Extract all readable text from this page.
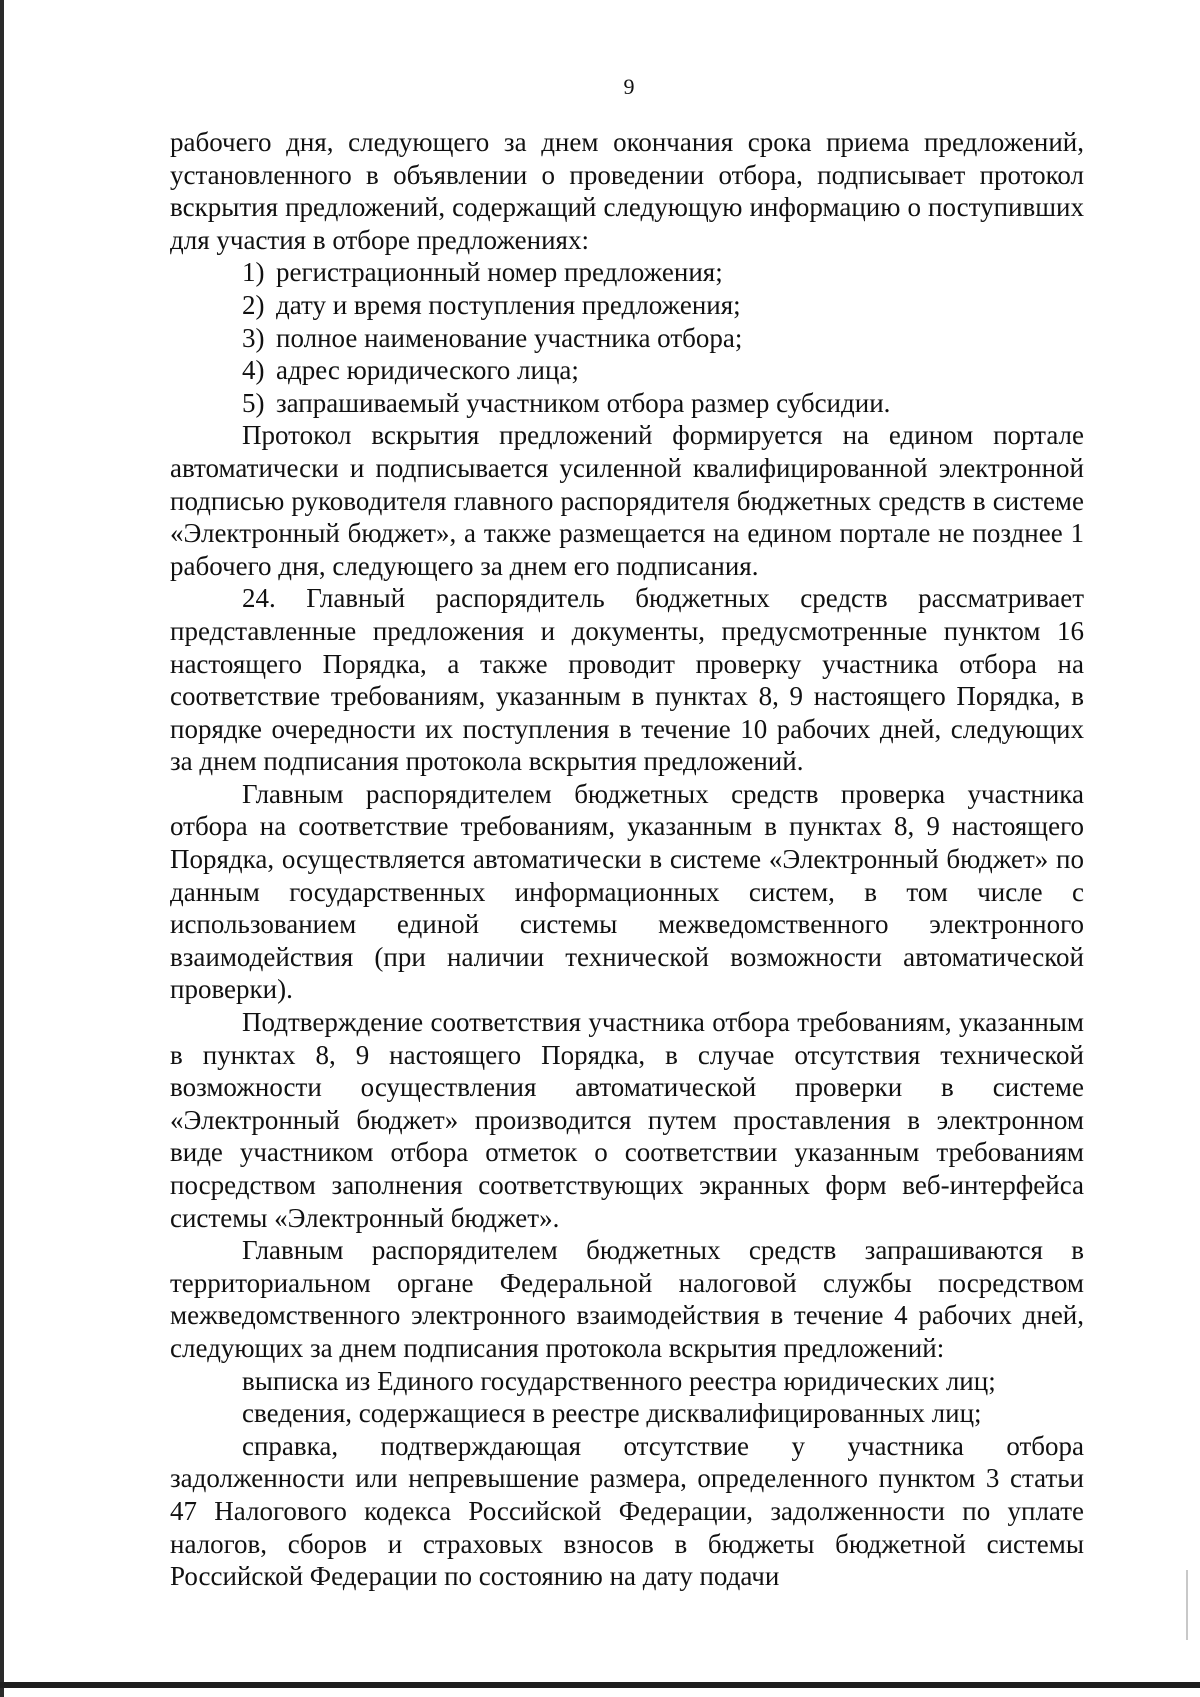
9

рабочего дня, следующего за днем окончания срока приема предложений, установленного в объявлении о проведении отбора, подписывает протокол вскрытия предложений, содержащий следующую информацию о поступивших для участия в отборе предложениях:

1) регистрационный номер предложения;

2) дату и время поступления предложения;

3) полное наименование участника отбора;

4) адрес юридического лица;

5) запрашиваемый участником отбора размер субсидии.

Протокол вскрытия предложений формируется на едином портале автоматически и подписывается усиленной квалифицированной электронной подписью руководителя главного распорядителя бюджетных средств в системе «Электронный бюджет», а также размещается на едином портале не позднее 1 рабочего дня, следующего за днем его подписания.

24. Главный распорядитель бюджетных средств рассматривает представленные предложения и документы, предусмотренные пунктом 16 настоящего Порядка, а также проводит проверку участника отбора на соответствие требованиям, указанным в пунктах 8, 9 настоящего Порядка, в порядке очередности их поступления в течение 10 рабочих дней, следующих за днем подписания протокола вскрытия предложений.

Главным распорядителем бюджетных средств проверка участника отбора на соответствие требованиям, указанным в пунктах 8, 9 настоящего Порядка, осуществляется автоматически в системе «Электронный бюджет» по данным государственных информационных систем, в том числе с использованием единой системы межведомственного электронного взаимодействия (при наличии технической возможности автоматической проверки).

Подтверждение соответствия участника отбора требованиям, указанным в пунктах 8, 9 настоящего Порядка, в случае отсутствия технической возможности осуществления автоматической проверки в системе «Электронный бюджет» производится путем проставления в электронном виде участником отбора отметок о соответствии указанным требованиям посредством заполнения соответствующих экранных форм веб-интерфейса системы «Электронный бюджет».

Главным распорядителем бюджетных средств запрашиваются в территориальном органе Федеральной налоговой службы посредством межведомственного электронного взаимодействия в течение 4 рабочих дней, следующих за днем подписания протокола вскрытия предложений:

выписка из Единого государственного реестра юридических лиц;

сведения, содержащиеся в реестре дисквалифицированных лиц;

справка, подтверждающая отсутствие у участника отбора задолженности или непревышение размера, определенного пунктом 3 статьи 47 Налогового кодекса Российской Федерации, задолженности по уплате налогов, сборов и страховых взносов в бюджеты бюджетной системы Российской Федерации по состоянию на дату подачи
